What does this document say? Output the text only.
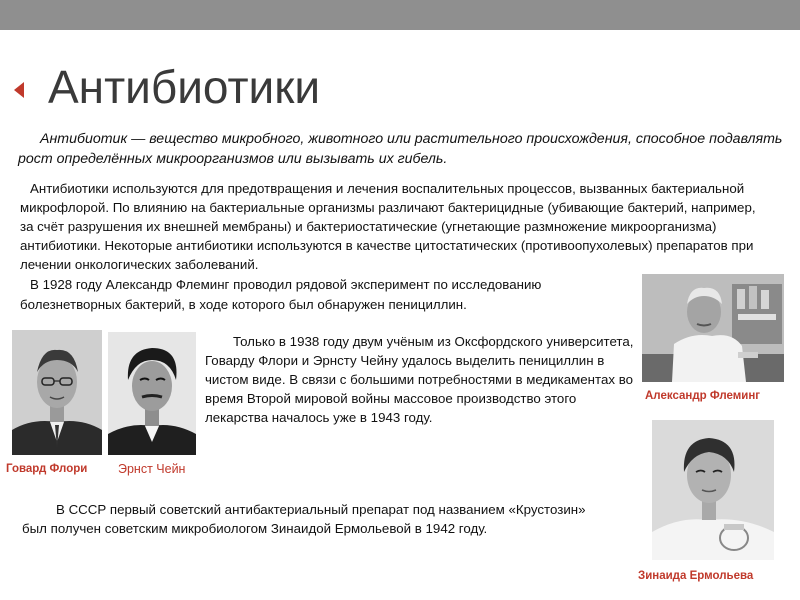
Антибиотики

Антибиотик — вещество микробного, животного или растительного происхождения, способное подавлять рост определённых микроорганизмов или вызывать их гибель.

Антибиотики используются для предотвращения и лечения воспалительных процессов, вызванных бактериальной микрофлорой. По влиянию на бактериальные организмы различают бактерицидные (убивающие бактерий, например, за счёт разрушения их внешней мембраны) и бактериостатические (угнетающие размножение микроорганизма) антибиотики. Некоторые антибиотики используются в качестве цитостатических (противоопухолевых) препаратов при лечении онкологических заболеваний.

В 1928 году Александр Флеминг проводил рядовой эксперимент по исследованию болезнетворных бактерий, в ходе которого был обнаружен пенициллин.

Только в 1938 году двум учёным из Оксфордского университета, Говарду Флори и Эрнсту Чейну удалось выделить пенициллин в чистом виде. В связи с большими потребностями в медикаментах во время Второй мировой войны массовое производство этого лекарства началось уже в 1943 году.

В СССР первый советский антибактериальный препарат под названием «Крустозин» был получен советским микробиологом Зинаидой Ермольевой в 1942 году.

Говард Флори Эрнст Чейн
Александр Флеминг
Зинаида Ермольева
